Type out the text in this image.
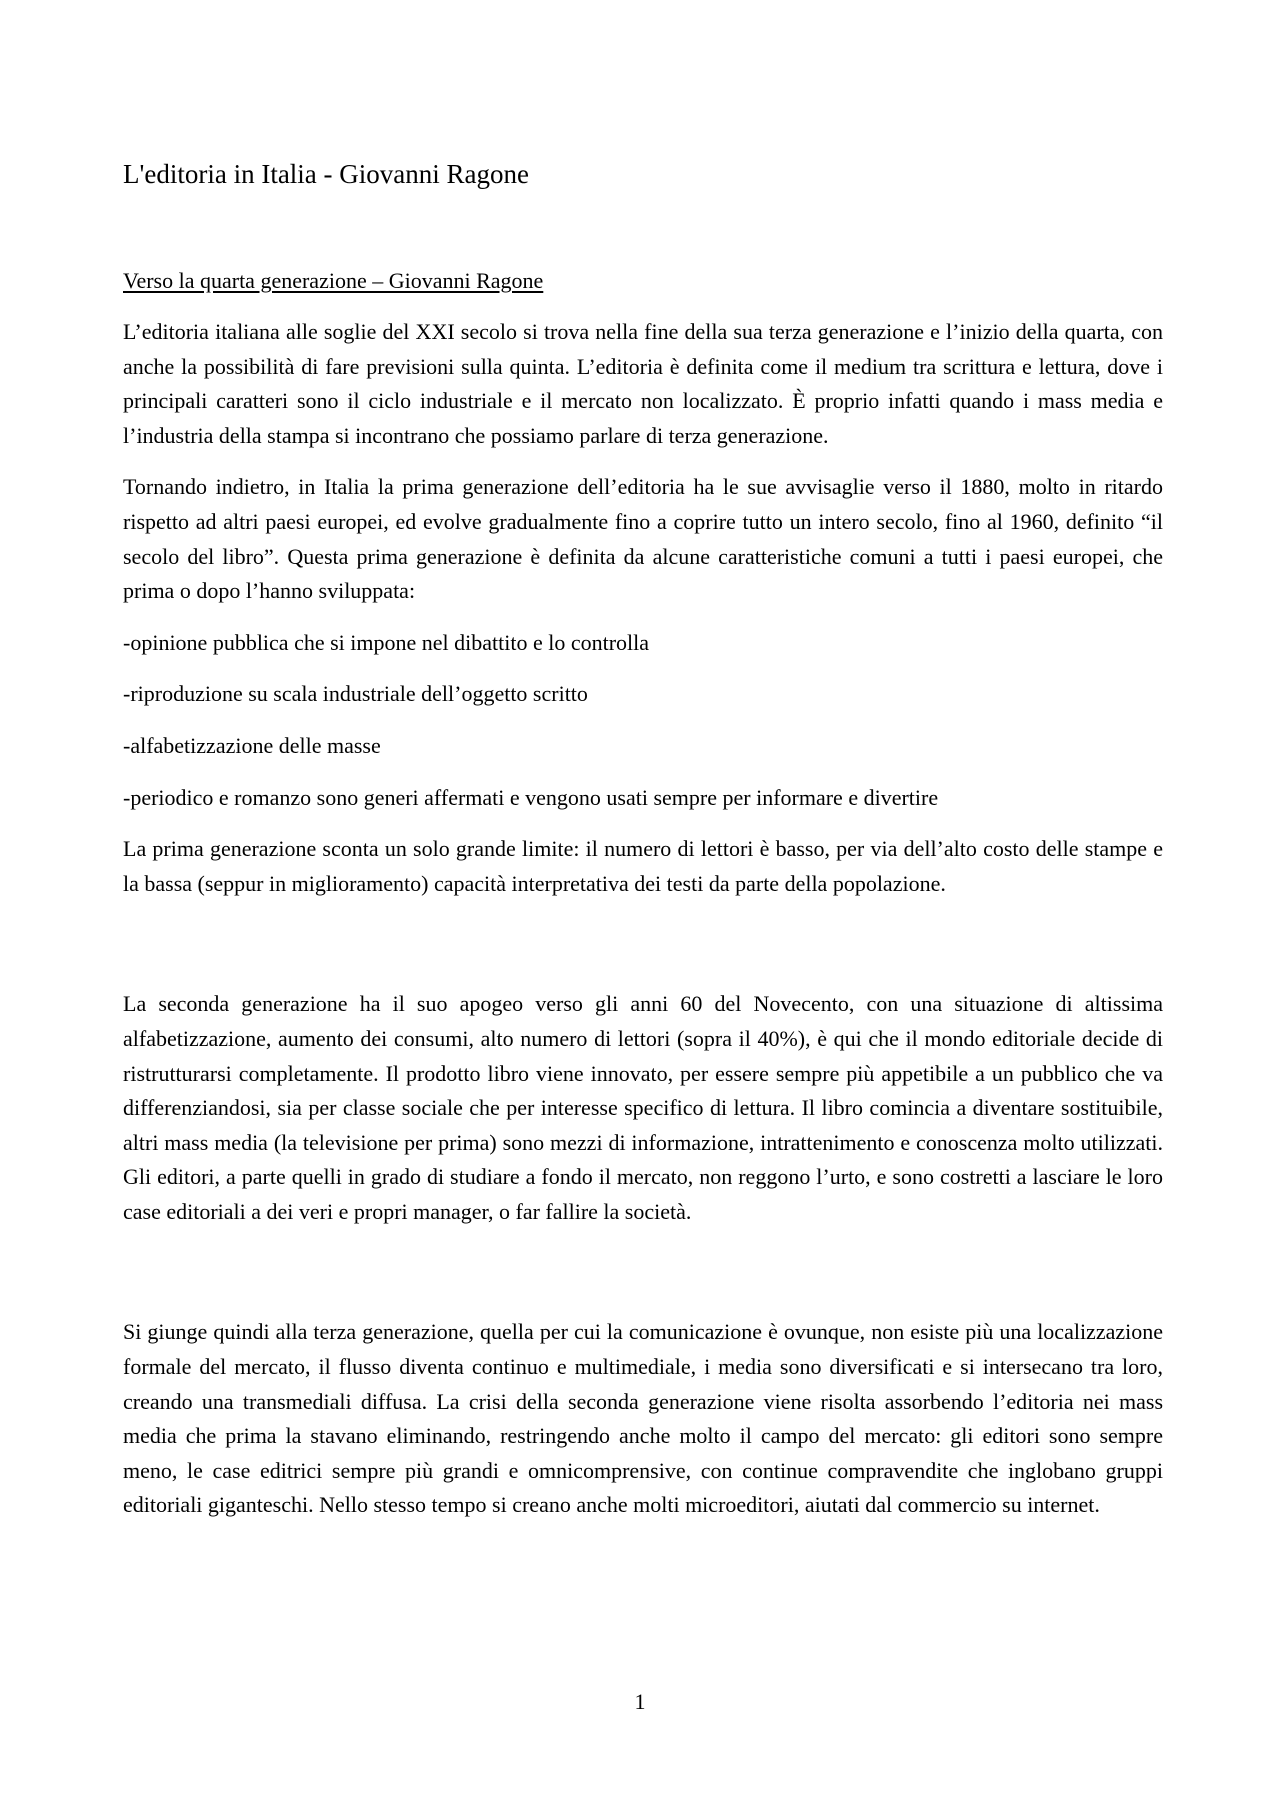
L'editoria in Italia - Giovanni Ragone
Verso la quarta generazione – Giovanni Ragone

L’editoria italiana alle soglie del XXI secolo si trova nella fine della sua terza generazione e l’inizio della quarta, con anche la possibilità di fare previsioni sulla quinta. L’editoria è definita come il medium tra scrittura e lettura, dove i principali caratteri sono il ciclo industriale e il mercato non localizzato. È proprio infatti quando i mass media e l’industria della stampa si incontrano che possiamo parlare di terza generazione.

Tornando indietro, in Italia la prima generazione dell’editoria ha le sue avvisaglie verso il 1880, molto in ritardo rispetto ad altri paesi europei, ed evolve gradualmente fino a coprire tutto un intero secolo, fino al 1960, definito “il secolo del libro”. Questa prima generazione è definita da alcune caratteristiche comuni a tutti i paesi europei, che prima o dopo l’hanno sviluppata:

-opinione pubblica che si impone nel dibattito e lo controlla

-riproduzione su scala industriale dell’oggetto scritto

-alfabetizzazione delle masse

-periodico e romanzo sono generi affermati e vengono usati sempre per informare e divertire

La prima generazione sconta un solo grande limite: il numero di lettori è basso, per via dell’alto costo delle stampe e la bassa (seppur in miglioramento) capacità interpretativa dei testi da parte della popolazione.

La seconda generazione ha il suo apogeo verso gli anni 60 del Novecento, con una situazione di altissima alfabetizzazione, aumento dei consumi, alto numero di lettori (sopra il 40%), è qui che il mondo editoriale decide di ristrutturarsi completamente. Il prodotto libro viene innovato, per essere sempre più appetibile a un pubblico che va differenziandosi, sia per classe sociale che per interesse specifico di lettura. Il libro comincia a diventare sostituibile, altri mass media (la televisione per prima) sono mezzi di informazione, intrattenimento e conoscenza molto utilizzati. Gli editori, a parte quelli in grado di studiare a fondo il mercato, non reggono l’urto, e sono costretti a lasciare le loro case editoriali a dei veri e propri manager, o far fallire la società.

Si giunge quindi alla terza generazione, quella per cui la comunicazione è ovunque, non esiste più una localizzazione formale del mercato, il flusso diventa continuo e multimediale, i media sono diversificati e si intersecano tra loro, creando una transmediali diffusa. La crisi della seconda generazione viene risolta assorbendo l’editoria nei mass media che prima la stavano eliminando, restringendo anche molto il campo del mercato: gli editori sono sempre meno, le case editrici sempre più grandi e omnicomprensive, con continue compravendite che inglobano gruppi editoriali giganteschi. Nello stesso tempo si creano anche molti microeditori, aiutati dal commercio su internet.

1
